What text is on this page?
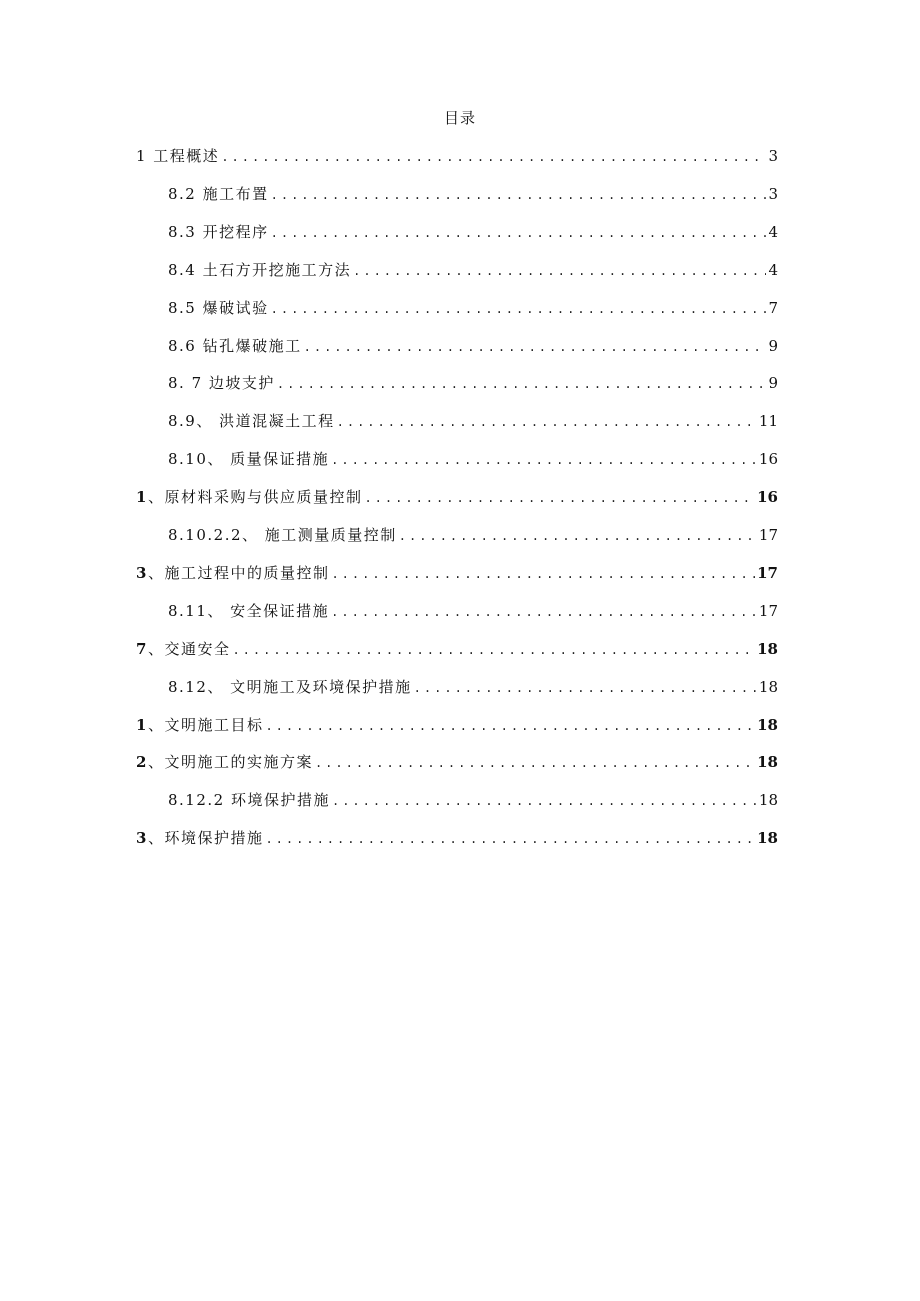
目录
1 工程概述 .....	3
8.2 施工布置 .....	3
8.3 开挖程序 .....	4
8.4 土石方开挖施工方法 .....	4
8.5 爆破试验 .....	7
8.6 钻孔爆破施工 .....	9
8. 7 边坡支护 .....	9
8.9、 洪道混凝土工程 .....	11
8.10、 质量保证措施 .....	16
1、原材料采购与供应质量控制 .....	16
8.10.2.2、 施工测量质量控制 .....	17
3、施工过程中的质量控制 .....	17
8.11、 安全保证措施 .....	17
7、交通安全 .....	18
8.12、 文明施工及环境保护措施 .....	18
1、文明施工目标 .....	18
2、文明施工的实施方案 .....	18
8.12.2 环境保护措施 .....	18
3、环境保护措施 .....	18
